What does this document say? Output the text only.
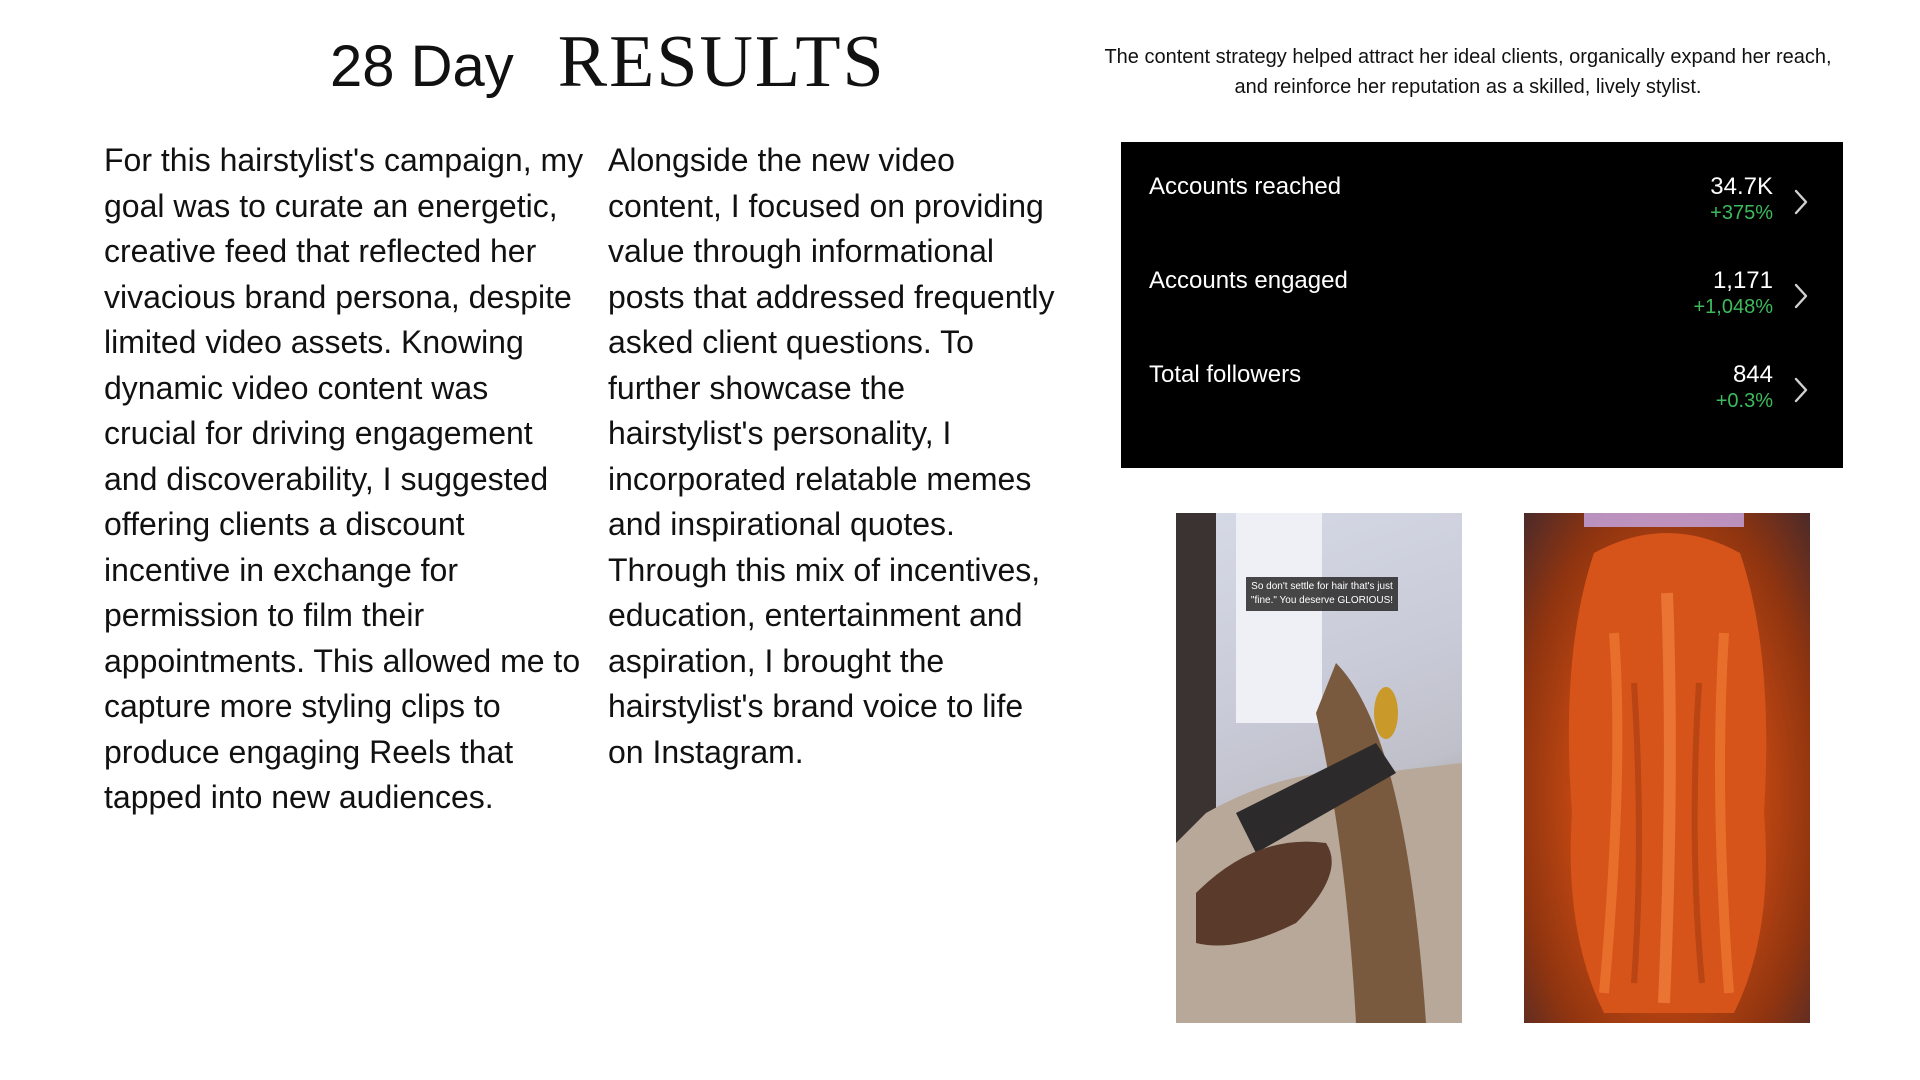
28 Day RESULTS	The content strategy helped attract her ideal clients, organically expand her reach, and reinforce her reputation as a skilled, lively stylist.

For this hairstylist's campaign, my goal was to curate an energetic, creative feed that reflected her vivacious brand persona, despite limited video assets. Knowing dynamic video content was crucial for driving engagement and discoverability, I suggested offering clients a discount incentive in exchange for permission to film their appointments. This allowed me to capture more styling clips to produce engaging Reels that tapped into new audiences.

Alongside the new video content, I focused on providing value through informational posts that addressed frequently asked client questions. To further showcase the hairstylist's personality, I incorporated relatable memes and inspirational quotes. Through this mix of incentives, education, entertainment and aspiration, I brought the hairstylist's brand voice to life on Instagram.

Accounts reached	34.7K
+375%
Accounts engaged	1,171
+1,048%
Total followers	844
+0.3%
So don't settle for hair that's just "fine." You deserve GLORIOUS!
